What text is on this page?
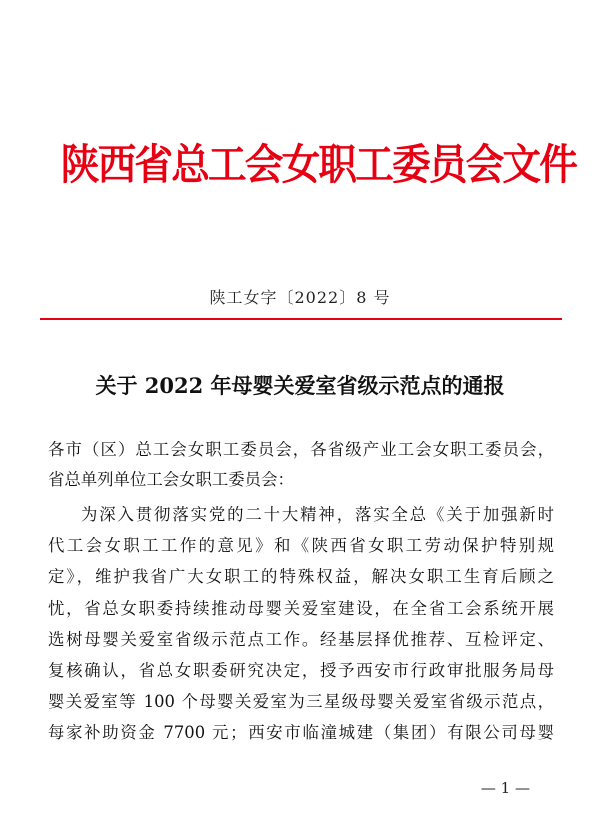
陕西省总工会女职工委员会文件
陕工女字〔2022〕8 号
关于 2022 年母婴关爱室省级示范点的通报
各市（区）总工会女职工委员会，各省级产业工会女职工委员会，
省总单列单位工会女职工委员会：
为深入贯彻落实党的二十大精神，落实全总《关于加强新时
代工会女职工工作的意见》和《陕西省女职工劳动保护特别规
定》，维护我省广大女职工的特殊权益，解决女职工生育后顾之
忧，省总女职委持续推动母婴关爱室建设，在全省工会系统开展
选树母婴关爱室省级示范点工作。经基层择优推荐、互检评定、
复核确认，省总女职委研究决定，授予西安市行政审批服务局母
婴关爱室等 100 个母婴关爱室为三星级母婴关爱室省级示范点，
每家补助资金 7700 元；西安市临潼城建（集团）有限公司母婴
— 1 —
